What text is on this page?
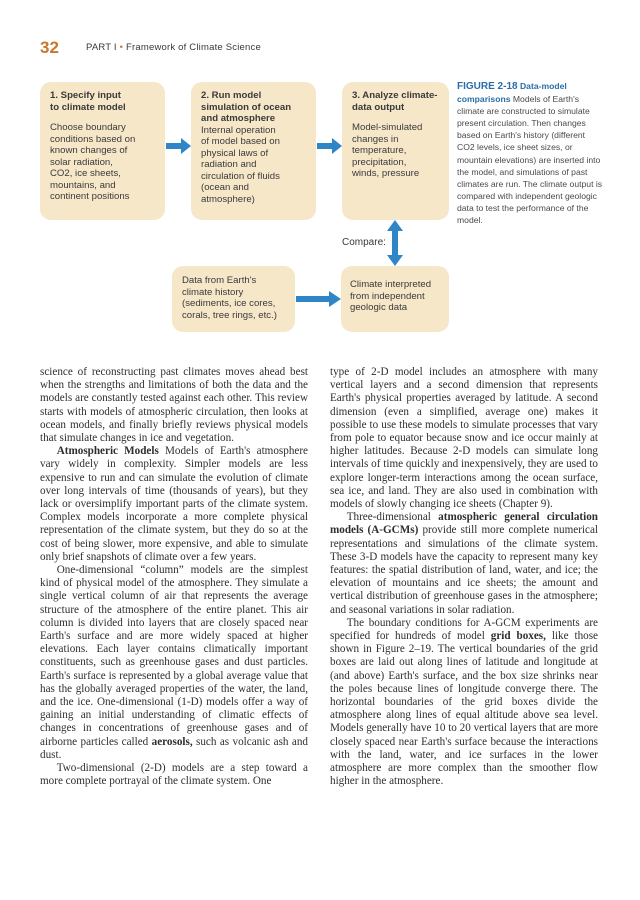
32	PART I • Framework of Climate Science
1. Specify input
to climate model
Choose boundary
conditions based on
known changes of
solar radiation,
CO2, ice sheets,
mountains, and
continent positions
2. Run model
simulation of ocean
and atmosphere
Internal operation
of model based on
physical laws of
radiation and
circulation of fluids
(ocean and
atmosphere)
3. Analyze climate-
data output
Model-simulated
changes in
temperature,
precipitation,
winds, pressure
Data from Earth's
climate history
(sediments, ice cores,
corals, tree rings, etc.)
Climate interpreted
from independent
geologic data
Compare:
FIGURE 2-18 Data-model comparisons Models of Earth's climate are constructed to simulate present circulation. Then changes based on Earth's history (different CO2 levels, ice sheet sizes, or mountain elevations) are inserted into the model, and simulations of past climates are run. The climate output is compared with independent geologic data to test the performance of the model.

science of reconstructing past climates moves ahead best when the strengths and limitations of both the data and the models are constantly tested against each other. This review starts with models of atmospheric circulation, then looks at ocean models, and finally briefly reviews physical models that simulate changes in ice and vegetation.

Atmospheric Models Models of Earth's atmosphere vary widely in complexity. Simpler models are less expensive to run and can simulate the evolution of climate over long intervals of time (thousands of years), but they lack or oversimplify important parts of the climate system. Complex models incorporate a more complete physical representation of the climate system, but they do so at the cost of being slower, more expensive, and able to simulate only brief snapshots of climate over a few years.

One-dimensional “column” models are the simplest kind of physical model of the atmosphere. They simulate a single vertical column of air that represents the average structure of the atmosphere of the entire planet. This air column is divided into layers that are closely spaced near Earth's surface and are more widely spaced at higher elevations. Each layer contains climatically important constituents, such as greenhouse gases and dust particles. Earth's surface is represented by a global average value that has the globally averaged properties of the water, the land, and the ice. One-dimensional (1-D) models offer a way of gaining an initial understanding of climatic effects of changes in concentrations of greenhouse gases and of airborne particles called aerosols, such as volcanic ash and dust.

Two-dimensional (2-D) models are a step toward a more complete portrayal of the climate system. One

type of 2-D model includes an atmosphere with many vertical layers and a second dimension that represents Earth's physical properties averaged by latitude. A second dimension (even a simplified, average one) makes it possible to use these models to simulate processes that vary from pole to equator because snow and ice occur mainly at higher latitudes. Because 2-D models can simulate long intervals of time quickly and inexpensively, they are used to explore longer-term interactions among the ocean surface, sea ice, and land. They are also used in combination with models of slowly changing ice sheets (Chapter 9).

Three-dimensional atmospheric general circulation models (A-GCMs) provide still more complete numerical representations and simulations of the climate system. These 3-D models have the capacity to represent many key features: the spatial distribution of land, water, and ice; the elevation of mountains and ice sheets; the amount and vertical distribution of greenhouse gases in the atmosphere; and seasonal variations in solar radiation.

The boundary conditions for A-GCM experiments are specified for hundreds of model grid boxes, like those shown in Figure 2–19. The vertical boundaries of the grid boxes are laid out along lines of latitude and longitude at (and above) Earth's surface, and the box size shrinks near the poles because lines of longitude converge there. The horizontal boundaries of the grid boxes divide the atmosphere along lines of equal altitude above sea level. Models generally have 10 to 20 vertical layers that are more closely spaced near Earth's surface because the interactions with the land, water, and ice surfaces in the lower atmosphere are more complex than the smoother flow higher in the atmosphere.
